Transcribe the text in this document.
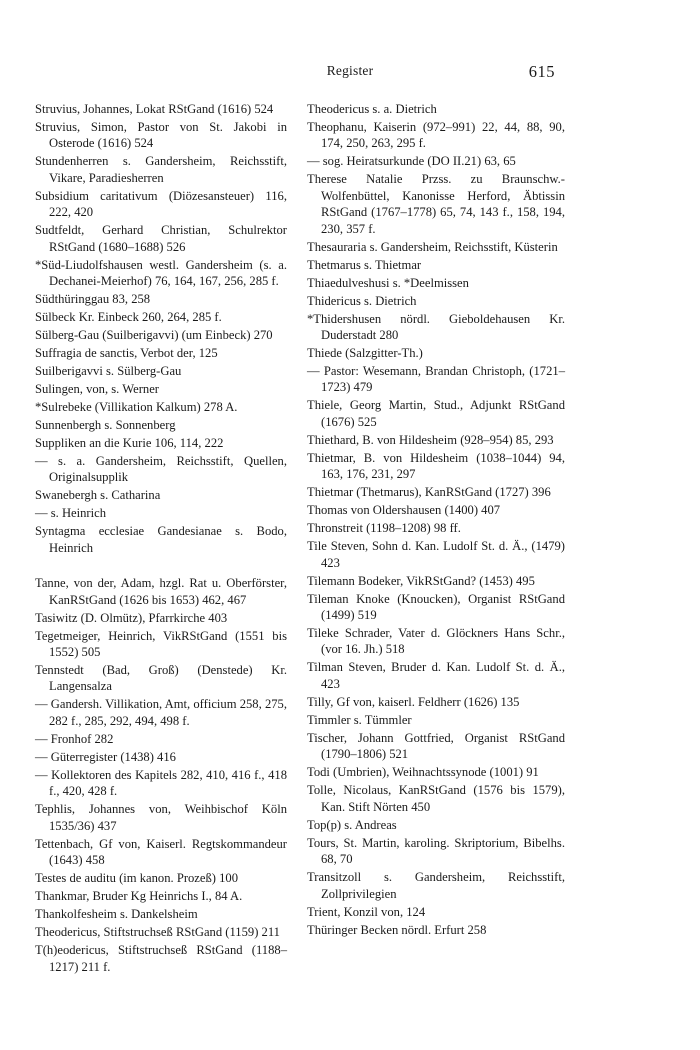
Register	615
Struvius, Johannes, Lokat RStGand (1616) 524
Struvius, Simon, Pastor von St. Jakobi in Osterode (1616) 524
Stundenherren s. Gandersheim, Reichsstift, Vikare, Paradiesherren
Subsidium caritativum (Diözesansteuer) 116, 222, 420
Sudtfeldt, Gerhard Christian, Schulrektor RStGand (1680–1688) 526
*Süd-Liudolfshausen westl. Gandersheim (s. a. Dechanei-Meierhof) 76, 164, 167, 256, 285 f.
Südthüringgau 83, 258
Sülbeck Kr. Einbeck 260, 264, 285 f.
Sülberg-Gau (Suilberigavvi) (um Einbeck) 270
Suffragia de sanctis, Verbot der, 125
Suilberigavvi s. Sülberg-Gau
Sulingen, von, s. Werner
*Sulrebeke (Villikation Kalkum) 278 A.
Sunnenbergh s. Sonnenberg
Suppliken an die Kurie 106, 114, 222
— s. a. Gandersheim, Reichsstift, Quellen, Originalsupplik
Swanebergh s. Catharina
— s. Heinrich
Syntagma ecclesiae Gandesianae s. Bodo, Heinrich
Tanne, von der, Adam, hzgl. Rat u. Oberförster, KanRStGand (1626 bis 1653) 462, 467
Tasiwitz (D. Olmütz), Pfarrkirche 403
Tegetmeiger, Heinrich, VikRStGand (1551 bis 1552) 505
Tennstedt (Bad, Groß) (Denstede) Kr. Langensalza
— Gandersh. Villikation, Amt, officium 258, 275, 282 f., 285, 292, 494, 498 f.
— Fronhof 282
— Güterregister (1438) 416
— Kollektoren des Kapitels 282, 410, 416 f., 418 f., 420, 428 f.
Tephlis, Johannes von, Weihbischof Köln 1535/36) 437
Tettenbach, Gf von, Kaiserl. Regtskommandeur (1643) 458
Testes de auditu (im kanon. Prozeß) 100
Thankmar, Bruder Kg Heinrichs I., 84 A.
Thankolfesheim s. Dankelsheim
Theodericus, Stiftstruchseß RStGand (1159) 211
T(h)eodericus, Stiftstruchseß RStGand (1188–1217) 211 f.
Theodericus s. a. Dietrich
Theophanu, Kaiserin (972–991) 22, 44, 88, 90, 174, 250, 263, 295 f.
— sog. Heiratsurkunde (DO II.21) 63, 65
Therese Natalie Przss. zu Braunschw.-Wolfenbüttel, Kanonisse Herford, Äbtissin RStGand (1767–1778) 65, 74, 143 f., 158, 194, 230, 357 f.
Thesauraria s. Gandersheim, Reichsstift, Küsterin
Thetmarus s. Thietmar
Thiaedulveshusi s. *Deelmissen
Thidericus s. Dietrich
*Thidershusen nördl. Gieboldehausen Kr. Duderstadt 280
Thiede (Salzgitter-Th.)
— Pastor: Wesemann, Brandan Christoph, (1721–1723) 479
Thiele, Georg Martin, Stud., Adjunkt RStGand (1676) 525
Thiethard, B. von Hildesheim (928–954) 85, 293
Thietmar, B. von Hildesheim (1038–1044) 94, 163, 176, 231, 297
Thietmar (Thetmarus), KanRStGand (1727) 396
Thomas von Oldershausen (1400) 407
Thronstreit (1198–1208) 98 ff.
Tile Steven, Sohn d. Kan. Ludolf St. d. Ä., (1479) 423
Tilemann Bodeker, VikRStGand? (1453) 495
Tileman Knoke (Knoucken), Organist RStGand (1499) 519
Tileke Schrader, Vater d. Glöckners Hans Schr., (vor 16. Jh.) 518
Tilman Steven, Bruder d. Kan. Ludolf St. d. Ä., 423
Tilly, Gf von, kaiserl. Feldherr (1626) 135
Timmler s. Tümmler
Tischer, Johann Gottfried, Organist RStGand (1790–1806) 521
Todi (Umbrien), Weihnachtssynode (1001) 91
Tolle, Nicolaus, KanRStGand (1576 bis 1579), Kan. Stift Nörten 450
Top(p) s. Andreas
Tours, St. Martin, karoling. Skriptorium, Bibelhs. 68, 70
Transitzoll s. Gandersheim, Reichsstift, Zollprivilegien
Trient, Konzil von, 124
Thüringer Becken nördl. Erfurt 258
